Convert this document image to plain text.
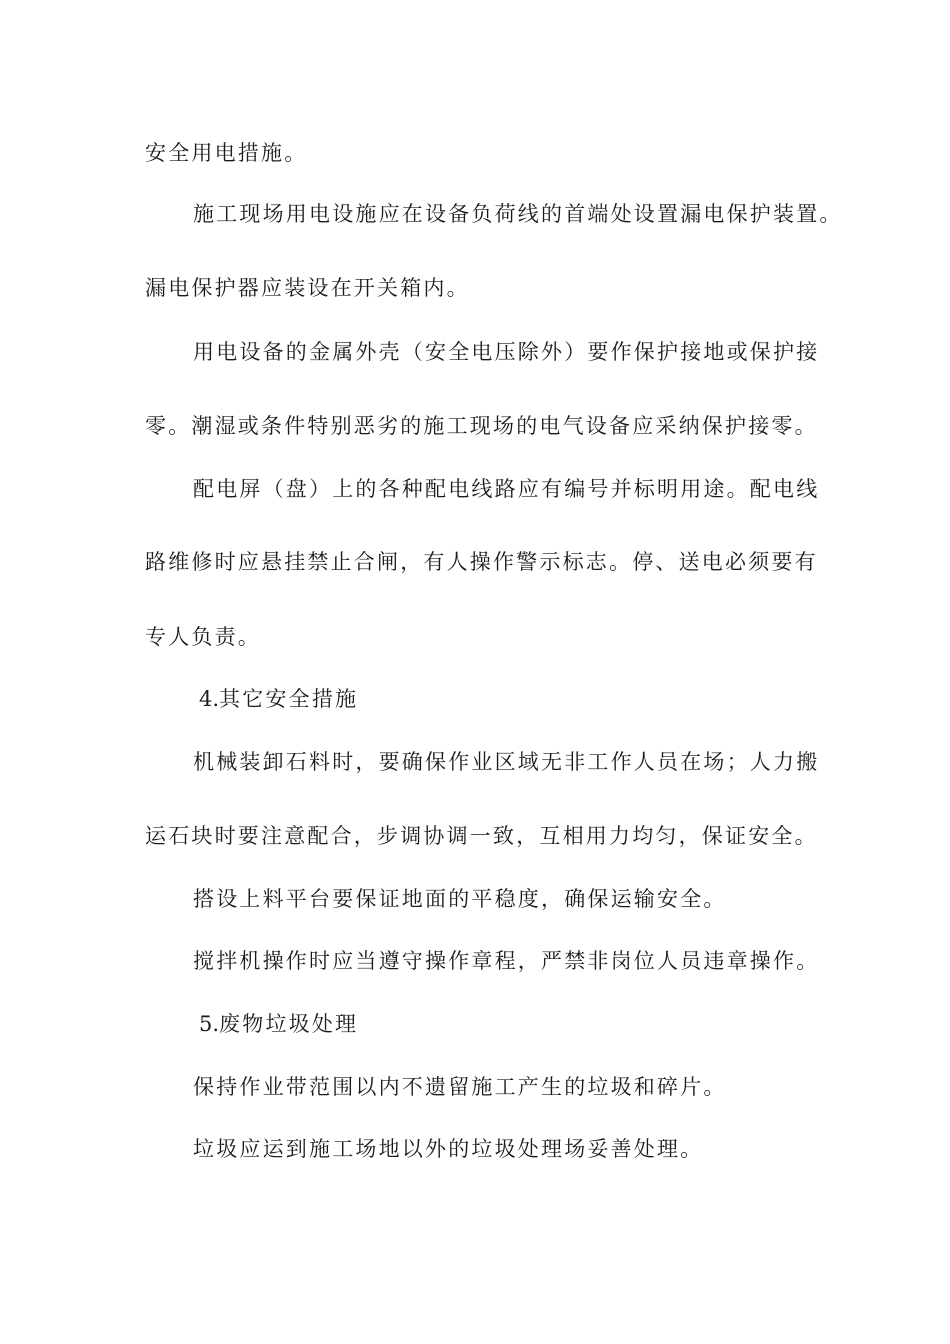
安全用电措施。

施工现场用电设施应在设备负荷线的首端处设置漏电保护装置。

漏电保护器应装设在开关箱内。

用电设备的金属外壳（安全电压除外）要作保护接地或保护接

零。潮湿或条件特别恶劣的施工现场的电气设备应采纳保护接零。

配电屏（盘）上的各种配电线路应有编号并标明用途。配电线

路维修时应悬挂禁止合闸，有人操作警示标志。停、送电必须要有

专人负责。

4.其它安全措施

机械装卸石料时，要确保作业区域无非工作人员在场；人力搬

运石块时要注意配合，步调协调一致，互相用力均匀，保证安全。

搭设上料平台要保证地面的平稳度，确保运输安全。

搅拌机操作时应当遵守操作章程，严禁非岗位人员违章操作。

5.废物垃圾处理

保持作业带范围以内不遗留施工产生的垃圾和碎片。

垃圾应运到施工场地以外的垃圾处理场妥善处理。
